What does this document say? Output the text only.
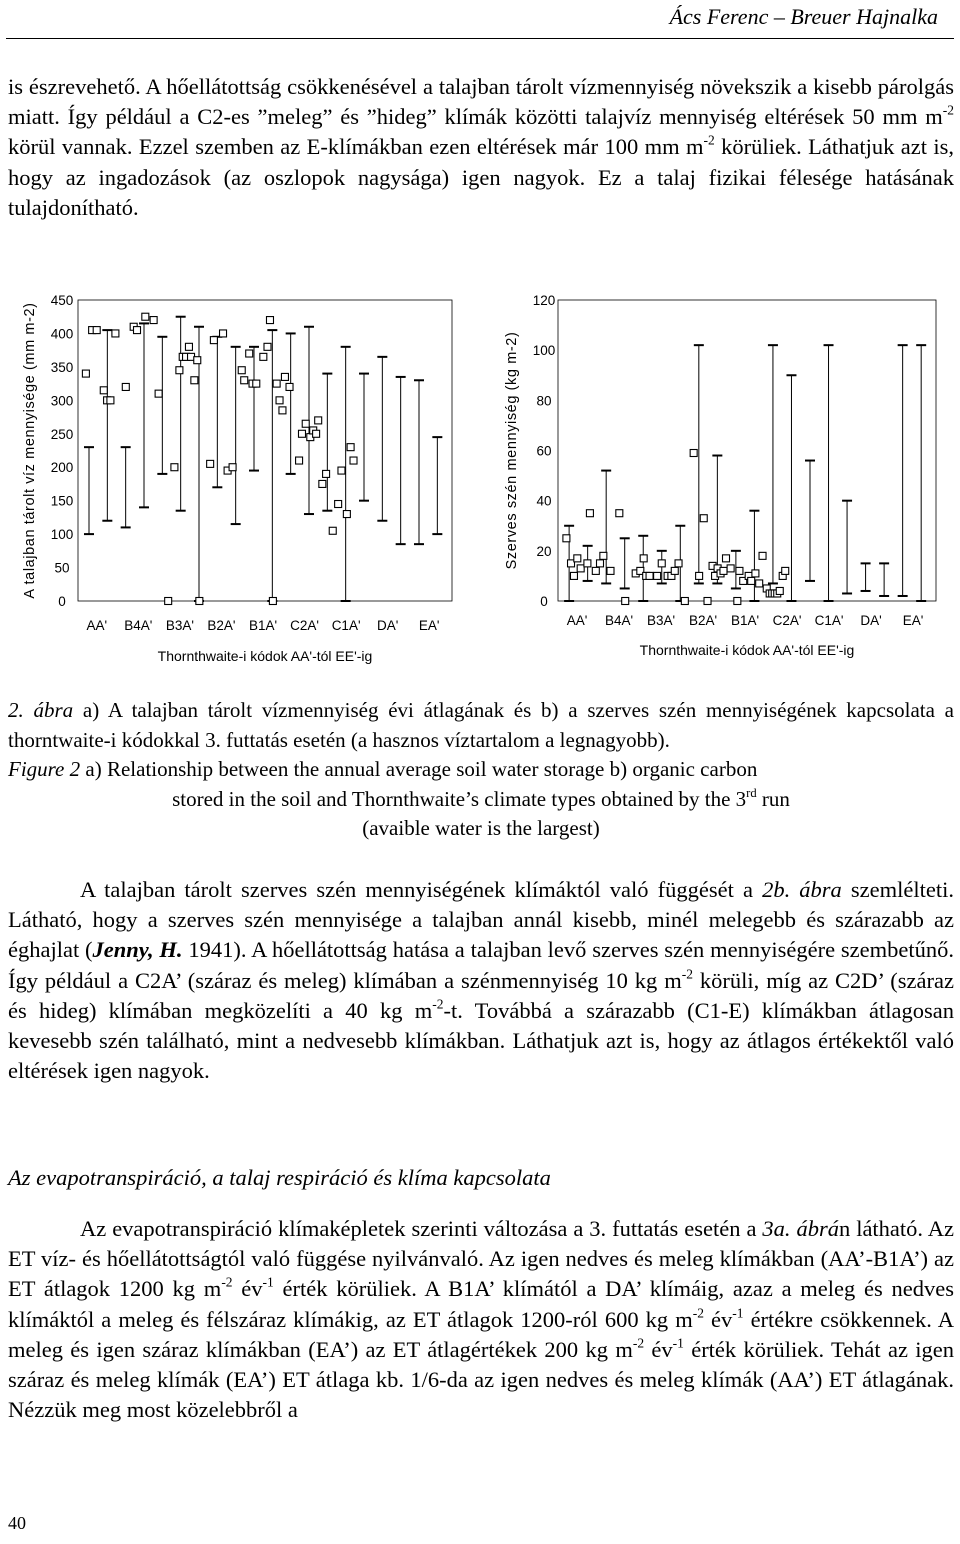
Ács Ferenc – Breuer Hajnalka

is észrevehető. A hőellátottság csökkenésével a talajban tárolt vízmennyiség növekszik a kisebb párolgás miatt. Így például a C2-es ”meleg” és ”hideg” klímák közötti talajvíz mennyiség eltérések 50 mm $m^{-2}$ körül vannak. Ezzel szemben az E-klímákban ezen eltérések már 100 mm $m^{-2}$ körüliek. Láthatjuk azt is, hogy az ingadozások (az oszlopok nagysága) igen nagyok. Ez a talaj fizikai félesége hatásának tulajdonítható.

0
50
100
150
200
250
300
350
400
450
AA' B4A' B3A' B2A' B1A' C2A' C1A' DA' EA'
Thornthwaite-i kódok AA'-tól EE'-ig
A talajban tárolt víz mennyisége (mm m-2)
0
20
40
60
80
100
120
AA' B4A' B3A' B2A' B1A' C2A' C1A' DA' EA'
Thornthwaite-i kódok AA'-tól EE'-ig
Szerves szén mennyiség (kg m-2)

2. ábra a) A talajban tárolt vízmennyiség évi átlagának és b) a szerves szén mennyiségének kapcsolata a thorntwaite-i kódokkal 3. futtatás esetén (a hasznos víztartalom a legnagyobb).

Figure 2 a) Relationship between the annual average soil water storage b) organic carbon
stored in the soil and Thornthwaite’s climate types obtained by the 3rd run
(avaible water is the largest)

A talajban tárolt szerves szén mennyiségének klímáktól való függését a 2b. ábra szemlélteti. Látható, hogy a szerves szén mennyisége a talajban annál kisebb, minél melegebb és szárazabb az éghajlat (Jenny, H. 1941). A hőellátottság hatása a talajban levő szerves szén mennyiségére szembetűnő. Így például a C2A’ (száraz és meleg) klímában a szénmennyiség 10 kg $m^{-2}$ körüli, míg az C2D’ (száraz és hideg) klímában megközelíti a 40 kg $m^{-2}-t$. Továbbá a szárazabb (C1-E) klímákban átlagosan kevesebb szén található, mint a nedvesebb klímákban. Láthatjuk azt is, hogy az átlagos értékektől való eltérések igen nagyok.

Az evapotranspiráció, a talaj respiráció és klíma kapcsolata

Az evapotranspiráció klímaképletek szerinti változása a 3. futtatás esetén a 3a. ábrán látható. Az ET víz- és hőellátottságtól való függése nyilvánvaló. Az igen nedves és meleg klímákban (AA’-B1A’) az ET átlagok 1200 kg $m^{-2}$ $év^{-1}$ érték körüliek. A B1A’ klímától a DA’ klímáig, azaz a meleg és nedves klímáktól a meleg és félszáraz klímákig, az ET átlagok 1200-ról 600 kg $m^{-2}$ $év^{-1}$ értékre csökkennek. A meleg és igen száraz klímákban (EA’) az ET átlagértékek 200 kg $m^{-2}$ $év^{-1}$ érték körüliek. Tehát az igen száraz és meleg klímák (EA’) ET átlaga kb. 1/6-da az igen nedves és meleg klímák (AA’) ET átlagának. Nézzük meg most közelebbről a

40
